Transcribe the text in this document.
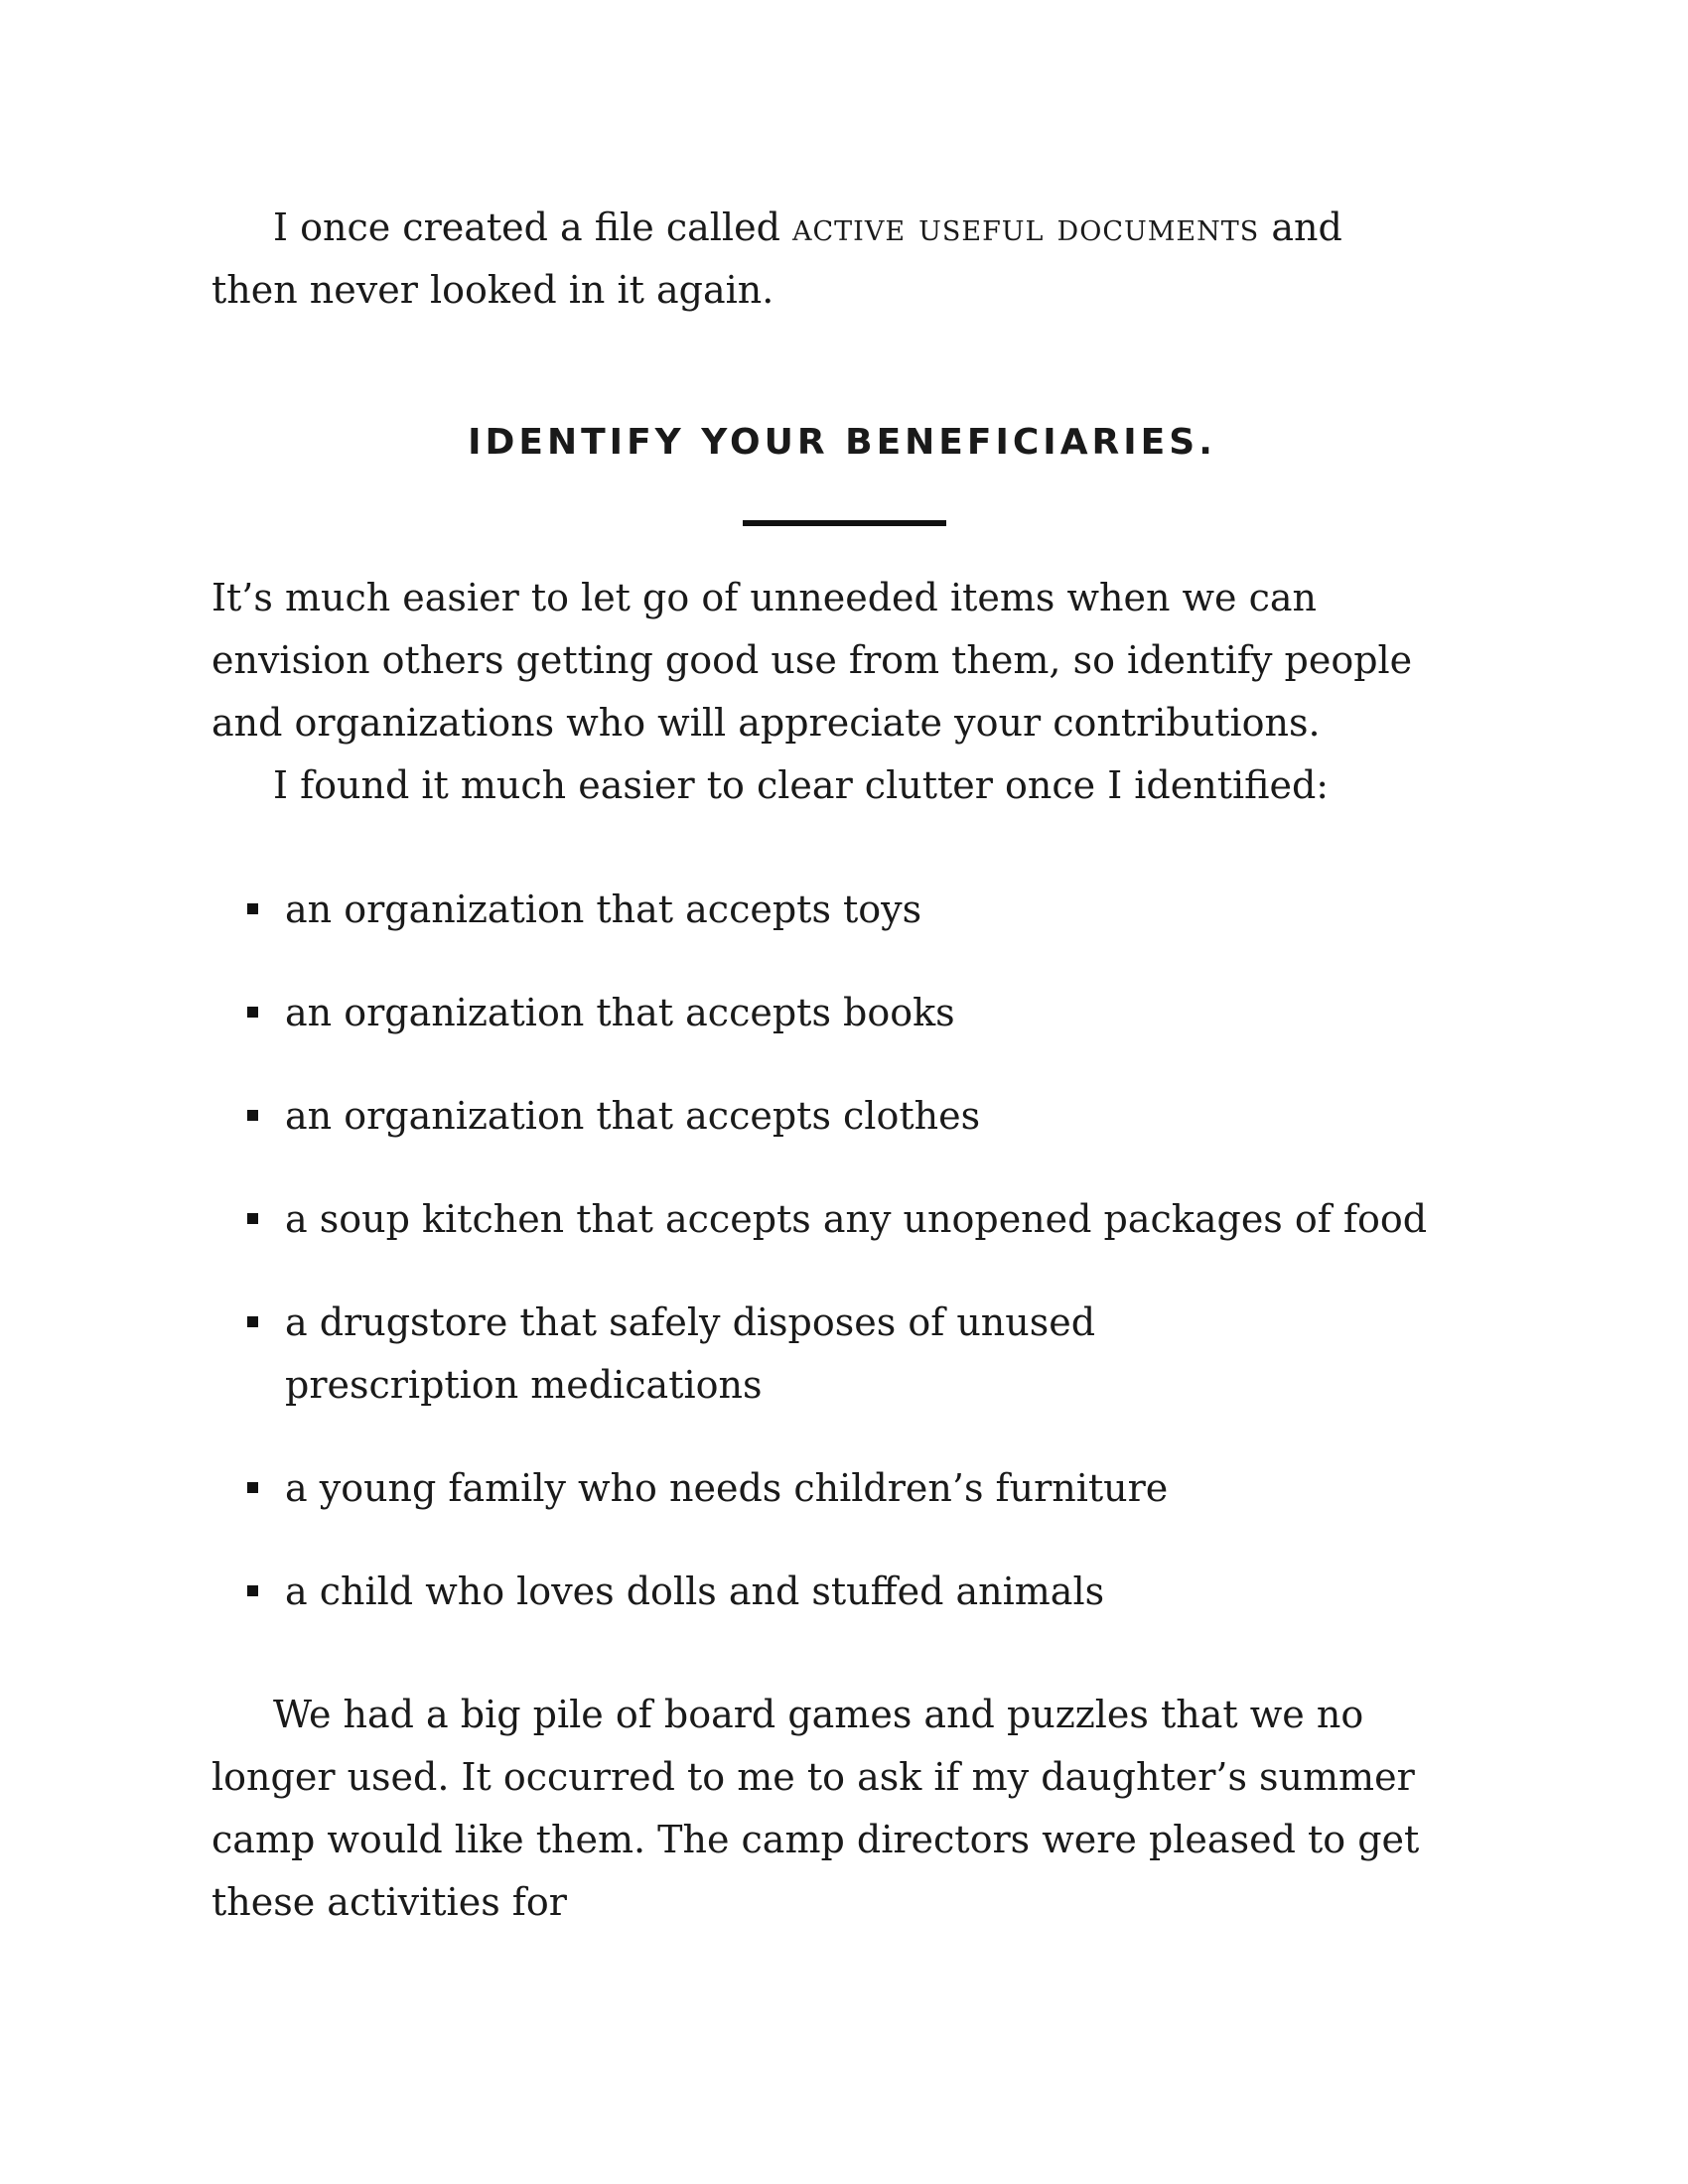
I once created a file called active useful documents and then never looked in it again.

IDENTIFY YOUR BENEFICIARIES.

It’s much easier to let go of unneeded items when we can envision others getting good use from them, so identify people and organizations who will appreciate your contributions.

I found it much easier to clear clutter once I identified:

an organization that accepts toys
an organization that accepts books
an organization that accepts clothes
a soup kitchen that accepts any unopened packages of food
a drugstore that safely disposes of unused prescription medications
a young family who needs children’s furniture
a child who loves dolls and stuffed animals

We had a big pile of board games and puzzles that we no longer used. It occurred to me to ask if my daughter’s summer camp would like them. The camp directors were pleased to get these activities for
